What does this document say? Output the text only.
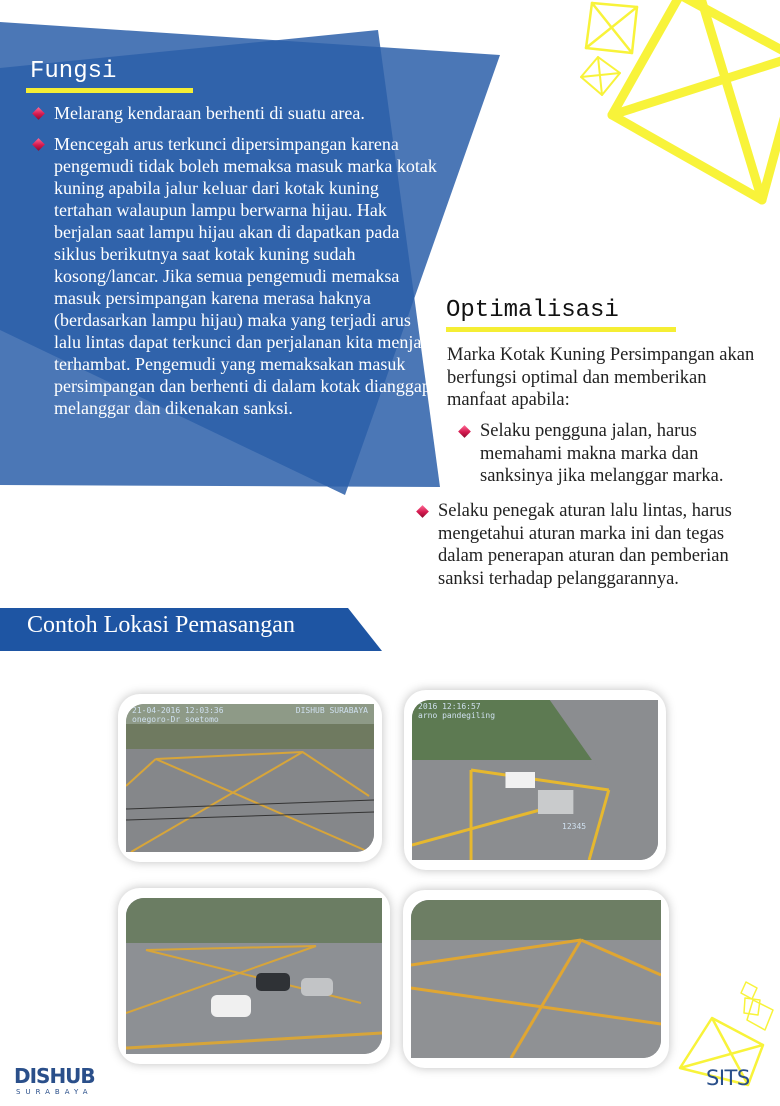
Fungsi
Melarang kendaraan berhenti di suatu area.
Mencegah arus terkunci dipersimpangan karena pengemudi tidak boleh memaksa masuk marka kotak kuning apabila jalur keluar dari kotak kuning tertahan walaupun lampu berwarna hijau. Hak berjalan saat lampu hijau akan di dapatkan pada siklus berikutnya saat kotak kuning sudah kosong/lancar. Jika semua pengemudi memaksa masuk persimpangan karena merasa haknya (berdasarkan lampu hijau) maka yang terjadi arus lalu lintas dapat terkunci dan perjalanan kita menjadi terhambat. Pengemudi yang memaksakan masuk persimpangan dan berhenti di dalam kotak dianggap melanggar dan dikenakan sanksi.
Optimalisasi
Marka Kotak Kuning Persimpangan akan berfungsi optimal dan memberikan manfaat apabila:
Selaku pengguna jalan, harus memahami makna marka dan sanksinya jika melanggar marka.
Selaku penegak aturan lalu lintas, harus mengetahui aturan marka ini dan tegas dalam penerapan aturan dan pemberian sanksi terhadap pelanggarannya.
Contoh Lokasi Pemasangan
21-04-2016 12:03:36
onegoro-Dr soetomo
DISHUB SURABAYA	2016 12:16:57
arno pandegiling
12345
DISHUB
SURABAYA
SITS
